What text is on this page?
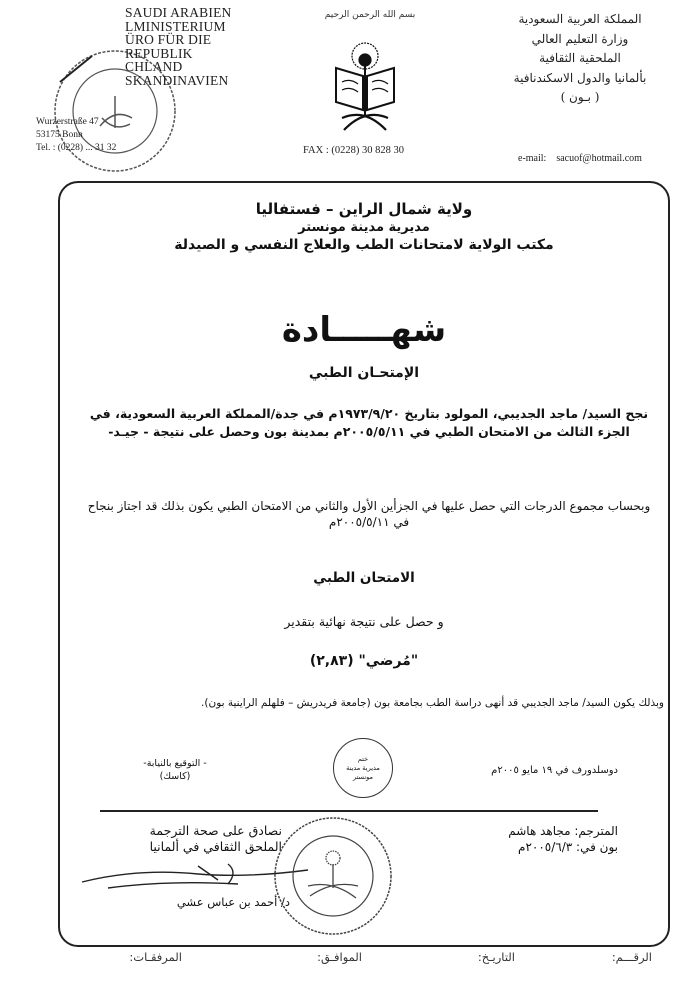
SAUDI ARABIEN
LMINISTERIUM
ÜRO FÜR DIE
REPUBLIK
CHLAND
SKANDINAVIEN
Wurzerstraße 47
53175 Bonn
Tel. : (0228) ... 31 32
بسم الله الرحمن الرحيم
FAX : (0228) 30 828 30
المملكة العربية السعودية
وزارة التعليم العالي
الملحقية الثقافية
بألمانيا والدول الاسكندنافية
( بـون )
e-mail: sacuof@hotmail.com
ولاية شمال الراين – فستفاليا
مديرية مدينة مونستر
مكتب الولاية لامتحانات الطب والعلاج النفسي و الصيدلة
شهـــــادة
الإمتحـان الطبي
نجح السيد/ ماجد الجديبي، المولود بتاريخ ١٩٧٣/٩/٢٠م في جدة/المملكة العربية السعودية، في الجزء الثالث من الامتحان الطبي في ٢٠٠٥/٥/١١م بمدينة بون وحصل على نتيجة - جيـد-
وبحساب مجموع الدرجات التي حصل عليها في الجزأين الأول والثاني من الامتحان الطبي يكون بذلك قد اجتاز بنجاح في ٢٠٠٥/٥/١١م
الامتحان الطبي
و حصل على نتيجة نهائية بتقدير
"مُرضي" (٢,٨٣)
وبذلك يكون السيد/ ماجد الجديبي قد أنهى دراسة الطب بجامعة بون (جامعة فريدريش – فلهلم الراينية بون).
دوسلدورف في ١٩ مايو ٢٠٠٥م
ختم
مديرية مدينة
مونستر
- التوقيع بالنيابة-
(كاسك)
المترجم: مجاهد هاشم
بون في: ٢٠٠٥/٦/٣م
نصادق على صحة الترجمة
الملحق الثقافي في ألمانيا
د/ أحمد بن عباس عشي
الرقـــم:
التاريـخ:
الموافـق:
المرفقـات:
